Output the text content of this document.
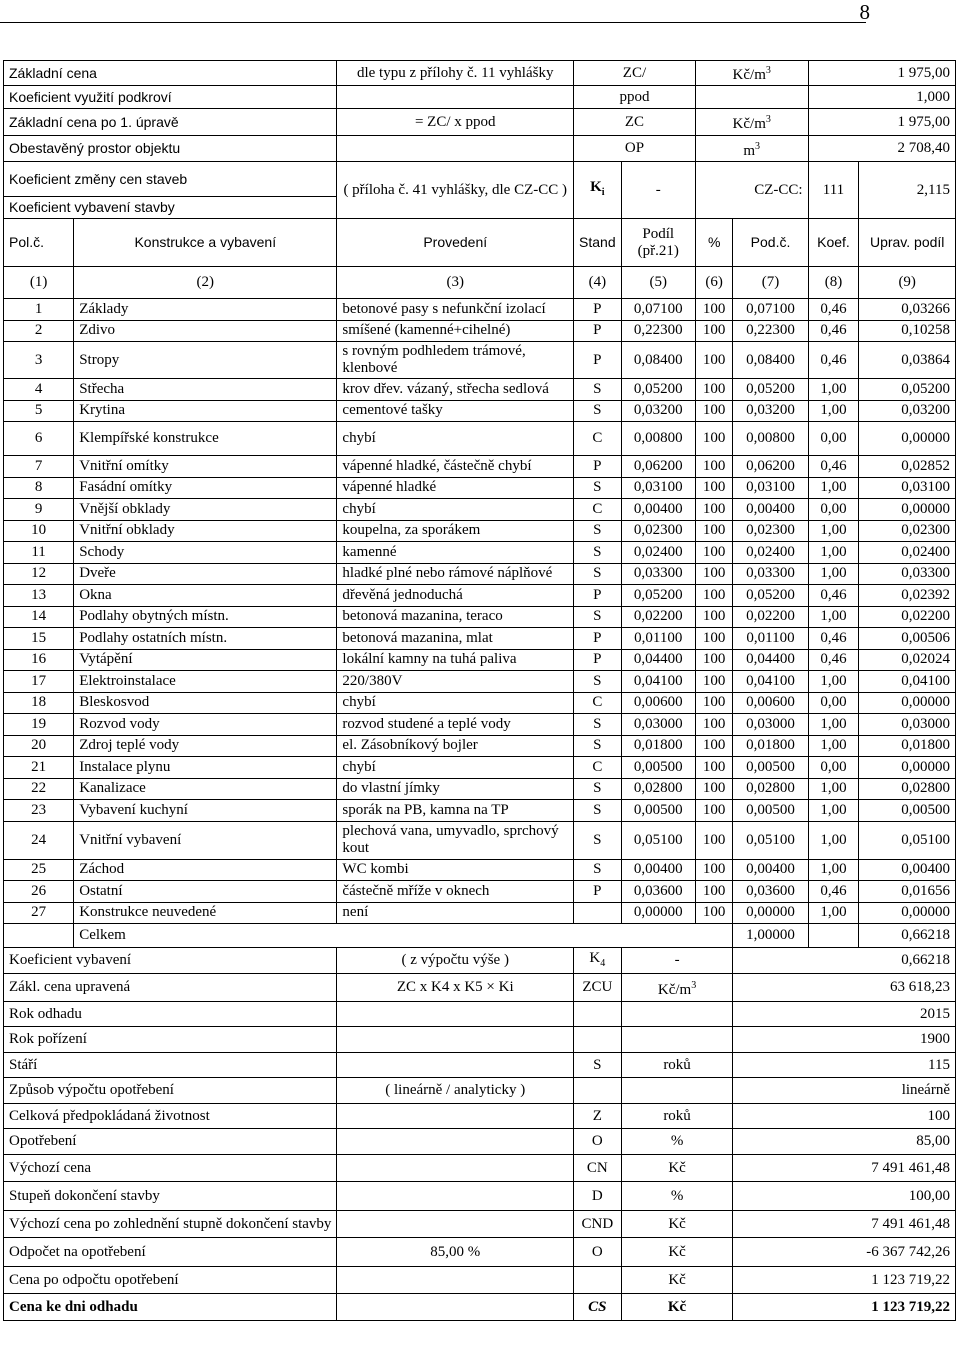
8
Základní cena		dle typu z přílohy č. 11 vyhlášky	ZC/		$Kč/m^3$		1 975,00	
Koeficient využití podkroví			ppod				1,000	
Základní cena po 1. úpravě		= ZC/ x ppod	ZC		$Kč/m^3$		1 975,00	
Obestavěný prostor objektu			OP		$m^3$		2 708,40	
Koeficient změny cen staveb		( příloha č. 41 vyhlášky, dle CZ-CC )	$K_i$	-	CZ-CC:		111	2,115
Koeficient vybavení stavby								
Pol.č.	Konstrukce a vybavení	Provedení	Stand	Podíl (př.21)	%	Pod.č.	Koef.	Uprav. podíl
(1)	(2)	(3)	(4)	(5)	(6)	(7)	(8)	(9)
1	Základy	betonové pasy s nefunkční izolací	P	0,07100	100	0,07100	0,46	0,03266
2	Zdivo	smíšené (kamenné+cihelné)	P	0,22300	100	0,22300	0,46	0,10258
3	Stropy	s rovným podhledem trámové, klenbové	P	0,08400	100	0,08400	0,46	0,03864
4	Střecha	krov dřev. vázaný, střecha sedlová	S	0,05200	100	0,05200	1,00	0,05200
5	Krytina	cementové tašky	S	0,03200	100	0,03200	1,00	0,03200
6	Klempířské konstrukce	chybí	C	0,00800	100	0,00800	0,00	0,00000
7	Vnitřní omítky	vápenné hladké, částečně chybí	P	0,06200	100	0,06200	0,46	0,02852
8	Fasádní omítky	vápenné hladké	S	0,03100	100	0,03100	1,00	0,03100
9	Vnější obklady	chybí	C	0,00400	100	0,00400	0,00	0,00000
10	Vnitřní obklady	koupelna, za sporákem	S	0,02300	100	0,02300	1,00	0,02300
11	Schody	kamenné	S	0,02400	100	0,02400	1,00	0,02400
12	Dveře	hladké plné nebo rámové náplňové	S	0,03300	100	0,03300	1,00	0,03300
13	Okna	dřevěná jednoduchá	P	0,05200	100	0,05200	0,46	0,02392
14	Podlahy obytných místn.	betonová mazanina, teraco	S	0,02200	100	0,02200	1,00	0,02200
15	Podlahy ostatních místn.	betonová mazanina, mlat	P	0,01100	100	0,01100	0,46	0,00506
16	Vytápění	lokální kamny na tuhá paliva	P	0,04400	100	0,04400	0,46	0,02024
17	Elektroinstalace	220/380V	S	0,04100	100	0,04100	1,00	0,04100
18	Bleskosvod	chybí	C	0,00600	100	0,00600	0,00	0,00000
19	Rozvod vody	rozvod studené a teplé vody	S	0,03000	100	0,03000	1,00	0,03000
20	Zdroj teplé vody	el. Zásobníkový bojler	S	0,01800	100	0,01800	1,00	0,01800
21	Instalace plynu	chybí	C	0,00500	100	0,00500	0,00	0,00000
22	Kanalizace	do vlastní jímky	S	0,02800	100	0,02800	1,00	0,02800
23	Vybavení kuchyní	sporák na PB, kamna na TP	S	0,00500	100	0,00500	1,00	0,00500
24	Vnitřní vybavení	plechová vana, umyvadlo, sprchový kout	S	0,05100	100	0,05100	1,00	0,05100
25	Záchod	WC kombi	S	0,00400	100	0,00400	1,00	0,00400
26	Ostatní	částečně mříže v oknech	P	0,03600	100	0,03600	0,46	0,01656
27	Konstrukce neuvedené	není		0,00000	100	0,00000	1,00	0,00000
	Celkem					1,00000		0,66218
Koeficient vybavení		( z výpočtu výše )	$K_4$	-		0,66218		
Zákl. cena upravená		ZC x K4 x K5 × Ki	ZCU	$Kč/m^3$		63 618,23		
Rok odhadu						2015		
Rok pořízení						1900		
Stáří			S	roků		115		
Způsob výpočtu opotřebení		( lineárně / analyticky )				lineárně		
Celková předpokládaná životnost			Z	roků		100		
Opotřebení			O	%		85,00		
Výchozí cena			CN	Kč		7 491 461,48		
Stupeň dokončení stavby			D	%		100,00		
Výchozí cena po zohlednění stupně dokončení stavby			CND	Kč		7 491 461,48		
Odpočet na opotřebení		85,00 %	O	Kč		-6 367 742,26		
Cena po odpočtu opotřebení				Kč		1 123 719,22		
Cena ke dni odhadu			CS	Kč		1 123 719,22		
